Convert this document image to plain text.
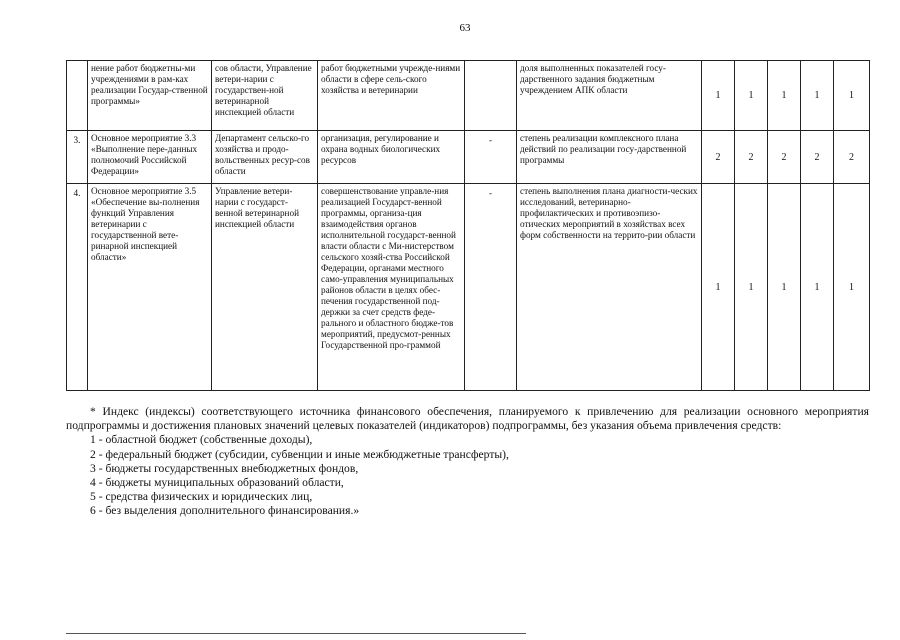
63
	нение работ бюджетны-ми учреждениями в рам-ках реализации Государ-ственной программы»	сов области, Управление ветери-нарии с государствен-ной ветеринарной инспекцией области	работ бюджетными учрежде-ниями области в сфере сель-ского хозяйства и ветеринарии		доля выполненных показателей госу-дарственного задания бюджетным учреждением АПК области	1	1	1	1	1
3.	Основное мероприятие 3.3 «Выполнение пере-данных полномочий Российской Федерации»	Департамент сельско-го хозяйства и продо-вольственных ресур-сов области	организация, регулирование и охрана водных биологических ресурсов	-	степень реализации комплексного плана действий по реализации госу-дарственной программы	2	2	2	2	2
4.	Основное мероприятие 3.5 «Обеспечение вы-полнения функций Управления ветеринарии с государственной вете-ринарной инспекцией области»	Управление ветери-нарии с государст-венной ветеринарной инспекцией области	совершенствование управле-ния реализацией Государст-венной программы, организа-ция взаимодействия органов исполнительной государст-венной власти области с Ми-нистерством сельского хозяй-ства Российской Федерации, органами местного само-управления муниципальных районов области в целях обес-печения государственной под-держки за счет средств феде-рального и областного бюдже-тов мероприятий, предусмот-ренных Государственной про-граммой	-	степень выполнения плана диагности-ческих исследований, ветеринарно-профилактических и противоэпизо-отических мероприятий в хозяйствах всех форм собственности на террито-рии области	1	1	1	1	1

* Индекс (индексы) соответствующего источника финансового обеспечения, планируемого к привлечению для реализации основного мероприятия подпрограммы и достижения плановых значений целевых показателей (индикаторов) подпрограммы, без указания объема привлечения средств:

1 - областной бюджет (собственные доходы),
2 - федеральный бюджет (субсидии, субвенции и иные межбюджетные трансферты),
3 - бюджеты государственных внебюджетных фондов,
4 - бюджеты муниципальных образований области,
5 - средства физических и юридических лиц,
6 - без выделения дополнительного финансирования.»
